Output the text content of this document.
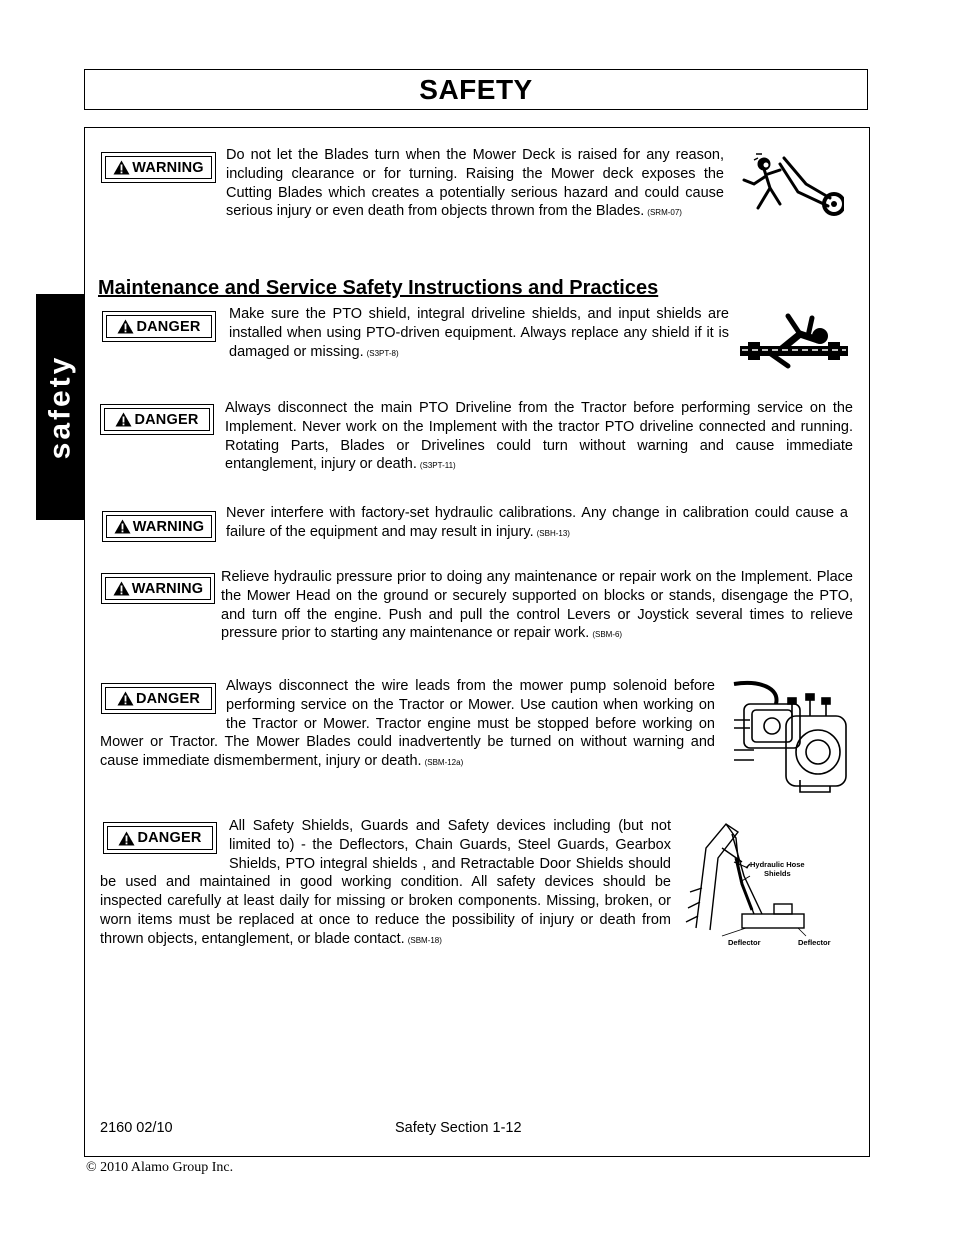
SAFETY
safety
WARNING
Do not let the Blades turn when the Mower Deck is raised for any reason, including clearance or for turning. Raising the Mower deck exposes the Cutting Blades which creates a potentially serious hazard and could cause serious injury or even death from objects thrown from the Blades. (SRM-07)
Maintenance and Service Safety Instructions and Practices
DANGER
Make sure the PTO shield, integral driveline shields, and input shields are installed when using PTO-driven equipment. Always replace any shield if it is damaged or missing. (S3PT-8)
DANGER
Always disconnect the main PTO Driveline from the Tractor before performing service on the Implement. Never work on the Implement with the tractor PTO driveline connected and running. Rotating Parts, Blades or Drivelines could turn without warning and cause immediate entanglement, injury or death. (S3PT-11)
WARNING
Never interfere with factory-set hydraulic calibrations. Any change in calibration could cause a failure of the equipment and may result in injury. (SBH-13)
WARNING
Relieve hydraulic pressure prior to doing any maintenance or repair work on the Implement. Place the Mower Head on the ground or securely supported on blocks or stands, disengage the PTO, and turn off the engine. Push and pull the control Levers or Joystick several times to relieve pressure prior to starting any maintenance or repair work. (SBM-6)
DANGER
Always disconnect the wire leads from the mower pump solenoid before performing service on the Tractor or Mower. Use caution when working on the Tractor or Mower. Tractor engine must be stopped before working on Mower or Tractor. The Mower Blades could inadvertently be turned on without warning and cause immediate dismemberment, injury or death. (SBM-12a)
DANGER
All Safety Shields, Guards and Safety devices including (but not limited to) - the Deflectors, Chain Guards, Steel Guards, Gearbox Shields, PTO integral shields , and Retractable Door Shields should be used and maintained in good working condition. All safety devices should be inspected carefully at least daily for missing or broken components. Missing, broken, or worn items must be replaced at once to reduce the possibility of injury or death from thrown objects, entanglement, or blade contact. (SBM-18)
Hydraulic Hose Shields
Deflector	Deflector
2160 02/10	Safety Section 1-12
© 2010 Alamo Group Inc.
